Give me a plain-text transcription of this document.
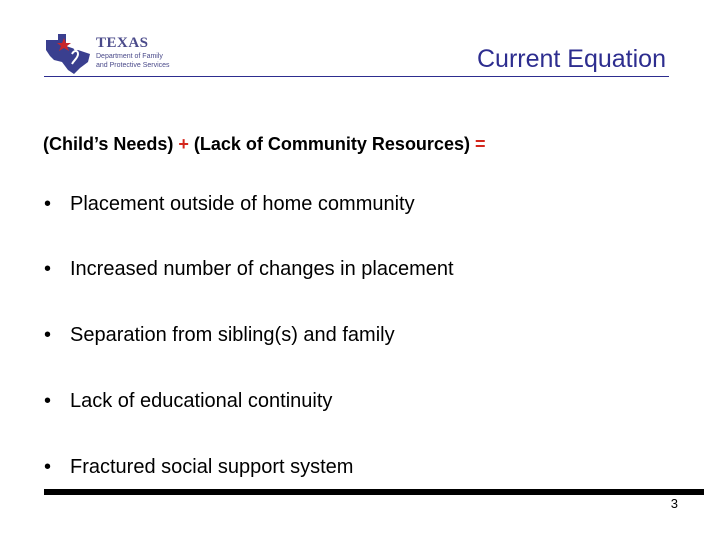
TEXAS
Department of Family
and Protective Services	Current Equation
(Child’s Needs) + (Lack of Community Resources) =
• Placement outside of home community
• Increased number of changes in placement
• Separation from sibling(s) and family
• Lack of educational continuity
• Fractured social support system
3
